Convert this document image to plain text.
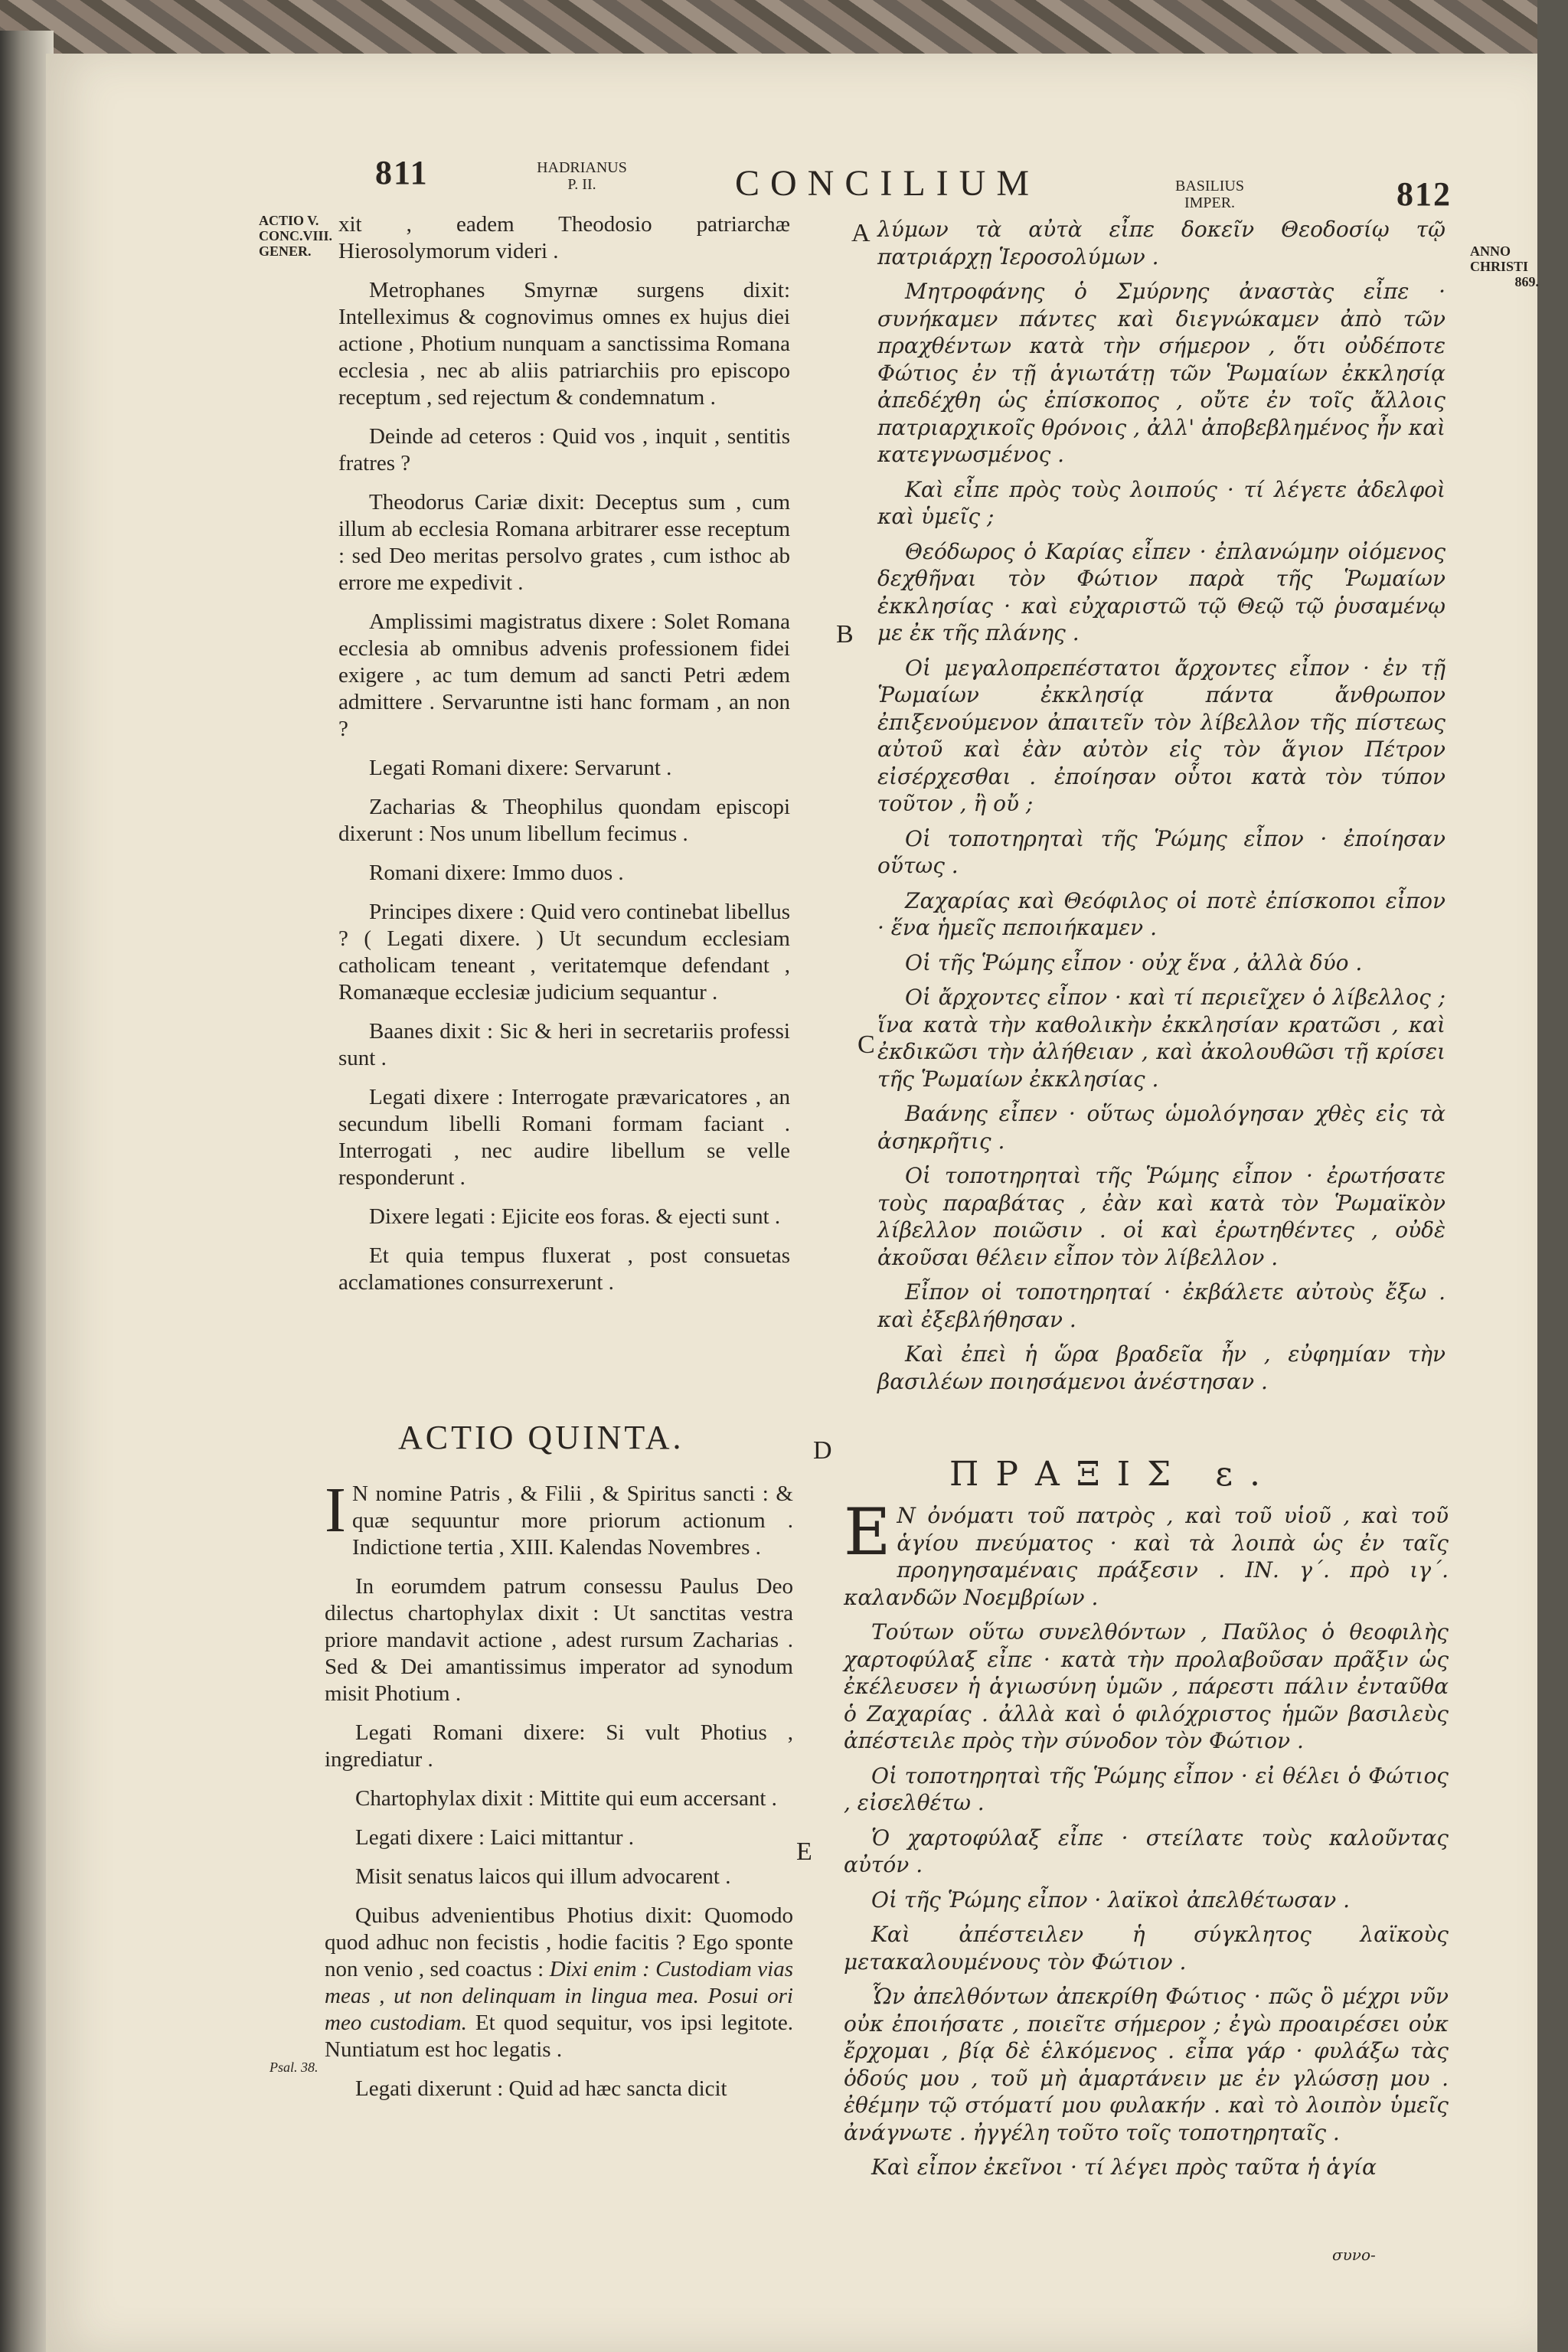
811	HADRIANUS
P. II.	CONCILIUM	BASILIUS
IMPER.	812
ACTIO V.
CONC.VIII.
GENER.	ANNO
CHRISTI
869.
Psal. 38.
A
B
C
D
E

xit , eadem Theodosio patriarchæ Hierosolymorum videri .

Metrophanes Smyrnæ surgens dixit: Intelleximus & cognovimus omnes ex hujus diei actione , Photium nunquam a sanctissima Romana ecclesia , nec ab aliis patriarchiis pro episcopo receptum , sed rejectum & condemnatum .

Deinde ad ceteros : Quid vos , inquit , sentitis fratres ?

Theodorus Cariæ dixit: Deceptus sum , cum illum ab ecclesia Romana arbitrarer esse receptum : sed Deo meritas persolvo grates , cum isthoc ab errore me expedivit .

Amplissimi magistratus dixere : Solet Romana ecclesia ab omnibus advenis professionem fidei exigere , ac tum demum ad sancti Petri ædem admittere . Servaruntne isti hanc formam , an non ?

Legati Romani dixere: Servarunt .

Zacharias & Theophilus quondam episcopi dixerunt : Nos unum libellum fecimus .

Romani dixere: Immo duos .

Principes dixere : Quid vero continebat libellus ? ( Legati dixere. ) Ut secundum ecclesiam catholicam teneant , veritatemque defendant , Romanæque ecclesiæ judicium sequantur .

Baanes dixit : Sic & heri in secretariis professi sunt .

Legati dixere : Interrogate prævaricatores , an secundum libelli Romani formam faciant . Interrogati , nec audire libellum se velle responderunt .

Dixere legati : Ejicite eos foras. & ejecti sunt .

Et quia tempus fluxerat , post consuetas acclamationes consurrexerunt .

ACTIO QUINTA.

I N nomine Patris , & Filii , & Spiritus sancti : & quæ sequuntur more priorum actionum . Indictione tertia , XIII. Kalendas Novembres .

In eorumdem patrum consessu Paulus Deo dilectus chartophylax dixit : Ut sanctitas vestra priore mandavit actione , adest rursum Zacharias . Sed & Dei amantissimus imperator ad synodum misit Photium .

Legati Romani dixere: Si vult Photius , ingrediatur .

Chartophylax dixit : Mittite qui eum accersant .

Legati dixere : Laici mittantur .

Misit senatus laicos qui illum advocarent .

Quibus advenientibus Photius dixit: Quomodo quod adhuc non fecistis , hodie facitis ? Ego sponte non venio , sed coactus : Dixi enim : Custodiam vias meas , ut non delinquam in lingua mea. Posui ori meo custodiam. Et quod sequitur, vos ipsi legitote. Nuntiatum est hoc legatis .

Legati dixerunt : Quid ad hæc sancta dicit

λύμων τὰ αὐτὰ εἶπε δοκεῖν Θεοδοσίῳ τῷ πατριάρχῃ Ἱεροσολύμων .

Μητροφάνης ὁ Σμύρνης ἀναστὰς εἶπε · συνήκαμεν πάντες καὶ διεγνώκαμεν ἀπὸ τῶν πραχθέντων κατὰ τὴν σήμερον , ὅτι οὐδέποτε Φώτιος ἐν τῇ ἁγιωτάτῃ τῶν Ῥωμαίων ἐκκλησίᾳ ἀπεδέχθη ὡς ἐπίσκοπος , οὔτε ἐν τοῖς ἄλλοις πατριαρχικοῖς θρόνοις , ἀλλ' ἀποβεβλημένος ἦν καὶ κατεγνωσμένος .

Καὶ εἶπε πρὸς τοὺς λοιπούς · τί λέγετε ἀδελφοὶ καὶ ὑμεῖς ;

Θεόδωρος ὁ Καρίας εἶπεν · ἐπλανώμην οἰόμενος δεχθῆναι τὸν Φώτιον παρὰ τῆς Ῥωμαίων ἐκκλησίας · καὶ εὐχαριστῶ τῷ Θεῷ τῷ ῥυσαμένῳ με ἐκ τῆς πλάνης .

Οἱ μεγαλοπρεπέστατοι ἄρχοντες εἶπον · ἐν τῇ Ῥωμαίων ἐκκλησίᾳ πάντα ἄνθρωπον ἐπιξενούμενον ἀπαιτεῖν τὸν λίβελλον τῆς πίστεως αὐτοῦ καὶ ἐὰν αὐτὸν εἰς τὸν ἅγιον Πέτρον εἰσέρχεσθαι . ἐποίησαν οὗτοι κατὰ τὸν τύπον τοῦτον , ἢ οὔ ;

Οἱ τοποτηρηταὶ τῆς Ῥώμης εἶπον · ἐποίησαν οὕτως .

Ζαχαρίας καὶ Θεόφιλος οἱ ποτὲ ἐπίσκοποι εἶπον · ἕνα ἡμεῖς πεποιήκαμεν .

Οἱ τῆς Ῥώμης εἶπον · οὐχ ἕνα , ἀλλὰ δύο .

Οἱ ἄρχοντες εἶπον · καὶ τί περιεῖχεν ὁ λίβελλος ; ἵνα κατὰ τὴν καθολικὴν ἐκκλησίαν κρατῶσι , καὶ ἐκδικῶσι τὴν ἀλήθειαν , καὶ ἀκολουθῶσι τῇ κρίσει τῆς Ῥωμαίων ἐκκλησίας .

Βαάνης εἶπεν · οὕτως ὡμολόγησαν χθὲς εἰς τὰ ἀσηκρῆτις .

Οἱ τοποτηρηταὶ τῆς Ῥώμης εἶπον · ἐρωτήσατε τοὺς παραβάτας , ἐὰν καὶ κατὰ τὸν Ῥωμαϊκὸν λίβελλον ποιῶσιν . οἱ καὶ ἐρωτηθέντες , οὐδὲ ἀκοῦσαι θέλειν εἶπον τὸν λίβελλον .

Εἶπον οἱ τοποτηρηταί · ἐκβάλετε αὐτοὺς ἔξω . καὶ ἐξεβλήθησαν .

Καὶ ἐπεὶ ἡ ὥρα βραδεῖα ἦν , εὐφημίαν τὴν βασιλέων ποιησάμενοι ἀνέστησαν .

ΠΡΑΞΙΣ ε.

E Ν ὀνόματι τοῦ πατρὸς , καὶ τοῦ υἱοῦ , καὶ τοῦ ἁγίου πνεύματος · καὶ τὰ λοιπὰ ὡς ἐν ταῖς προηγησαμέναις πράξεσιν . ΙΝ. γ΄. πρὸ ιγ΄. καλανδῶν Νοεμβρίων .

Τούτων οὕτω συνελθόντων , Παῦλος ὁ θεοφιλὴς χαρτοφύλαξ εἶπε · κατὰ τὴν προλαβοῦσαν πρᾶξιν ὡς ἐκέλευσεν ἡ ἁγιωσύνη ὑμῶν , πάρεστι πάλιν ἐνταῦθα ὁ Ζαχαρίας . ἀλλὰ καὶ ὁ φιλόχριστος ἡμῶν βασιλεὺς ἀπέστειλε πρὸς τὴν σύνοδον τὸν Φώτιον .

Οἱ τοποτηρηταὶ τῆς Ῥώμης εἶπον · εἰ θέλει ὁ Φώτιος , εἰσελθέτω .

Ὁ χαρτοφύλαξ εἶπε · στείλατε τοὺς καλοῦντας αὐτόν .

Οἱ τῆς Ῥώμης εἶπον · λαϊκοὶ ἀπελθέτωσαν .

Καὶ ἀπέστειλεν ἡ σύγκλητος λαϊκοὺς μετακαλουμένους τὸν Φώτιον .

Ὧν ἀπελθόντων ἀπεκρίθη Φώτιος · πῶς ὃ μέχρι νῦν οὐκ ἐποιήσατε , ποιεῖτε σήμερον ; ἐγὼ προαιρέσει οὐκ ἔρχομαι , βίᾳ δὲ ἑλκόμενος . εἶπα γάρ · φυλάξω τὰς ὁδούς μου , τοῦ μὴ ἁμαρτάνειν με ἐν γλώσσῃ μου . ἐθέμην τῷ στόματί μου φυλακήν . καὶ τὸ λοιπὸν ὑμεῖς ἀνάγνωτε . ἠγγέλη τοῦτο τοῖς τοποτηρηταῖς .

Καὶ εἶπον ἐκεῖνοι · τί λέγει πρὸς ταῦτα ἡ ἁγία

συνο-
